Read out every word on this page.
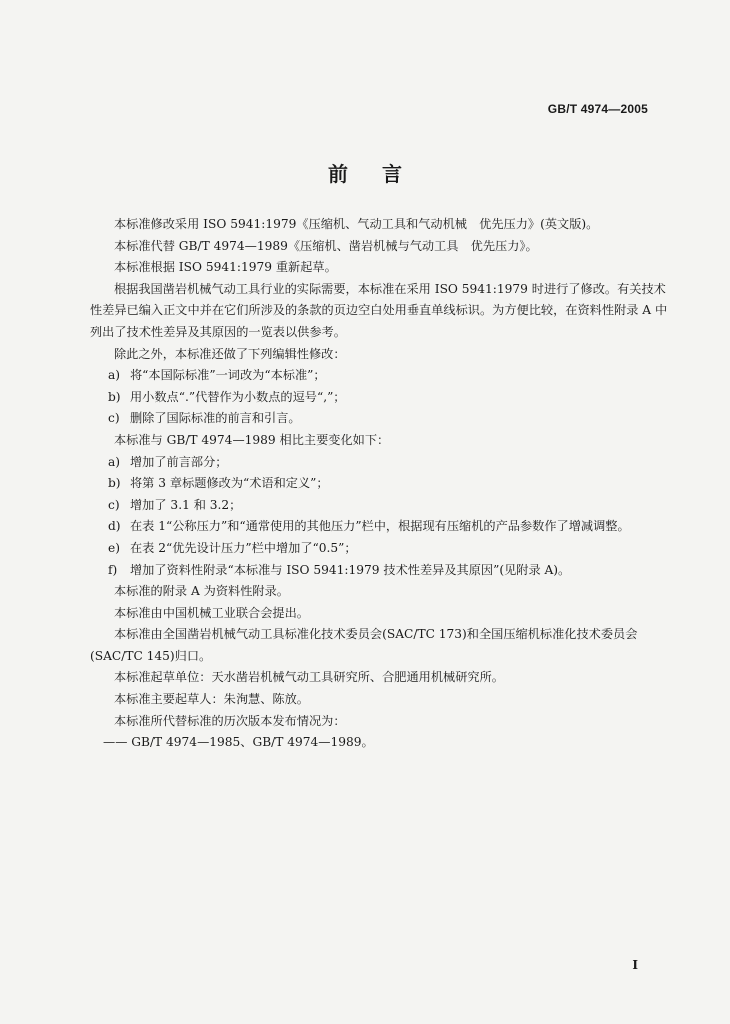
GB/T 4974—2005
前言

本标准修改采用 ISO 5941:1979《压缩机、气动工具和气动机械　优先压力》(英文版)。

本标准代替 GB/T 4974—1989《压缩机、凿岩机械与气动工具　优先压力》。

本标准根据 ISO 5941:1979 重新起草。

根据我国凿岩机械气动工具行业的实际需要，本标准在采用 ISO 5941:1979 时进行了修改。有关技术性差异已编入正文中并在它们所涉及的条款的页边空白处用垂直单线标识。为方便比较，在资料性附录 A 中列出了技术性差异及其原因的一览表以供参考。

除此之外，本标准还做了下列编辑性修改：

a) 将“本国际标准”一词改为“本标准”；

b) 用小数点“.”代替作为小数点的逗号“,”；

c) 删除了国际标准的前言和引言。

本标准与 GB/T 4974—1989 相比主要变化如下：

a) 增加了前言部分；

b) 将第 3 章标题修改为“术语和定义”；

c) 增加了 3.1 和 3.2；

d) 在表 1“公称压力”和“通常使用的其他压力”栏中，根据现有压缩机的产品参数作了增减调整。

e) 在表 2“优先设计压力”栏中增加了“0.5”；

f) 增加了资料性附录“本标准与 ISO 5941:1979 技术性差异及其原因”(见附录 A)。

本标准的附录 A 为资料性附录。

本标准由中国机械工业联合会提出。

本标准由全国凿岩机械气动工具标准化技术委员会(SAC/TC 173)和全国压缩机标准化技术委员会(SAC/TC 145)归口。

本标准起草单位：天水凿岩机械气动工具研究所、合肥通用机械研究所。

本标准主要起草人：朱洵慧、陈放。

本标准所代替标准的历次版本发布情况为：

—— GB/T 4974—1985、GB/T 4974—1989。

I
